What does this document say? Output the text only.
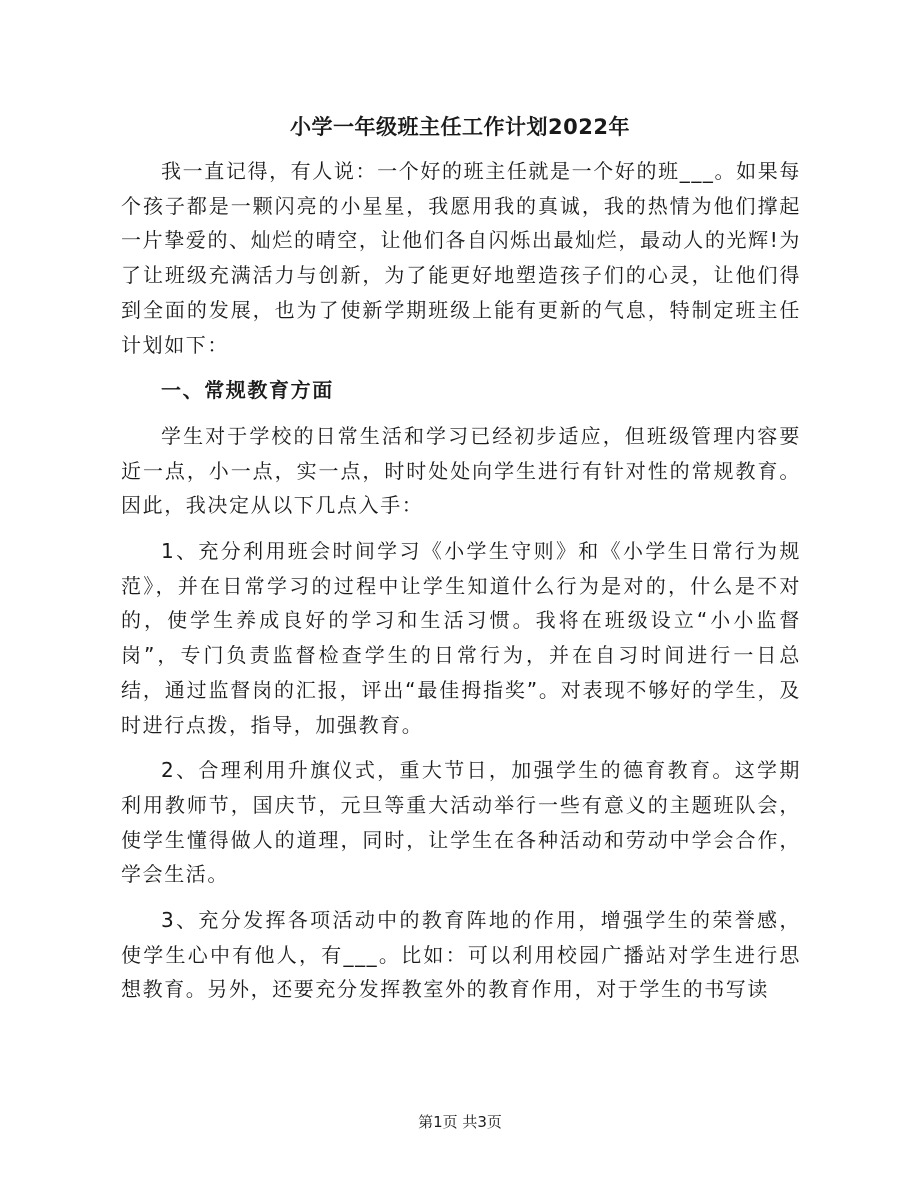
小学一年级班主任工作计划2022年

我一直记得，有人说：一个好的班主任就是一个好的班___。如果每个孩子都是一颗闪亮的小星星，我愿用我的真诚，我的热情为他们撑起一片挚爱的、灿烂的晴空，让他们各自闪烁出最灿烂，最动人的光辉!为了让班级充满活力与创新，为了能更好地塑造孩子们的心灵，让他们得到全面的发展，也为了使新学期班级上能有更新的气息，特制定班主任计划如下：

一、常规教育方面

学生对于学校的日常生活和学习已经初步适应，但班级管理内容要近一点，小一点，实一点，时时处处向学生进行有针对性的常规教育。因此，我决定从以下几点入手：

1、充分利用班会时间学习《小学生守则》和《小学生日常行为规范》，并在日常学习的过程中让学生知道什么行为是对的，什么是不对的，使学生养成良好的学习和生活习惯。我将在班级设立“小小监督岗”，专门负责监督检查学生的日常行为，并在自习时间进行一日总结，通过监督岗的汇报，评出“最佳拇指奖”。对表现不够好的学生，及时进行点拨，指导，加强教育。

2、合理利用升旗仪式，重大节日，加强学生的德育教育。这学期利用教师节，国庆节，元旦等重大活动举行一些有意义的主题班队会，使学生懂得做人的道理，同时，让学生在各种活动和劳动中学会合作，学会生活。

3、充分发挥各项活动中的教育阵地的作用，增强学生的荣誉感，使学生心中有他人，有___。比如：可以利用校园广播站对学生进行思想教育。另外，还要充分发挥教室外的教育作用，对于学生的书写读

第1页 共3页
